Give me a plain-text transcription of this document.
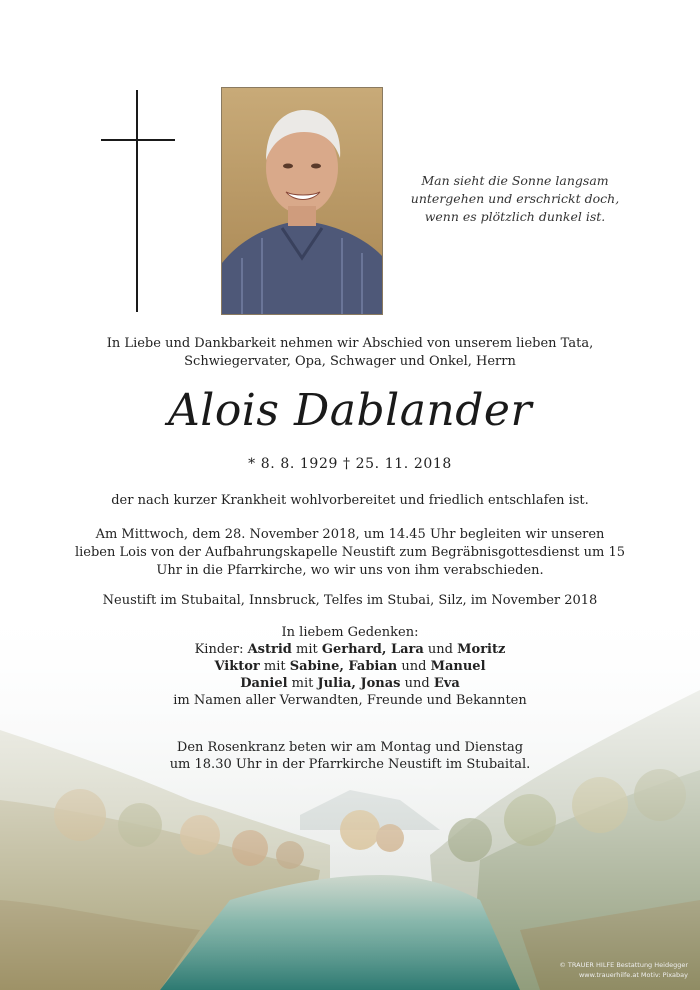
Man sieht die Sonne langsam
untergehen und erschrickt doch,
wenn es plötzlich dunkel ist.
In Liebe und Dankbarkeit nehmen wir Abschied von unserem lieben Tata,
Schwiegervater, Opa, Schwager und Onkel, Herrn
Alois Dablander
* 8. 8. 1929 † 25. 11. 2018
der nach kurzer Krankheit wohlvorbereitet und friedlich entschlafen ist.
Am Mittwoch, dem 28. November 2018, um 14.45 Uhr begleiten wir unseren
lieben Lois von der Aufbahrungskapelle Neustift zum Begräbnisgottesdienst um 15
Uhr in die Pfarrkirche, wo wir uns von ihm verabschieden.
Neustift im Stubaital, Innsbruck, Telfes im Stubai, Silz, im November 2018
In liebem Gedenken:
Kinder: Astrid mit Gerhard, Lara und Moritz
Viktor mit Sabine, Fabian und Manuel
Daniel mit Julia, Jonas und Eva
im Namen aller Verwandten, Freunde und Bekannten
Den Rosenkranz beten wir am Montag und Dienstag
um 18.30 Uhr in der Pfarrkirche Neustift im Stubaital.
© TRAUER HILFE Bestattung Heidegger
www.trauerhilfe.at Motiv: Pixabay
